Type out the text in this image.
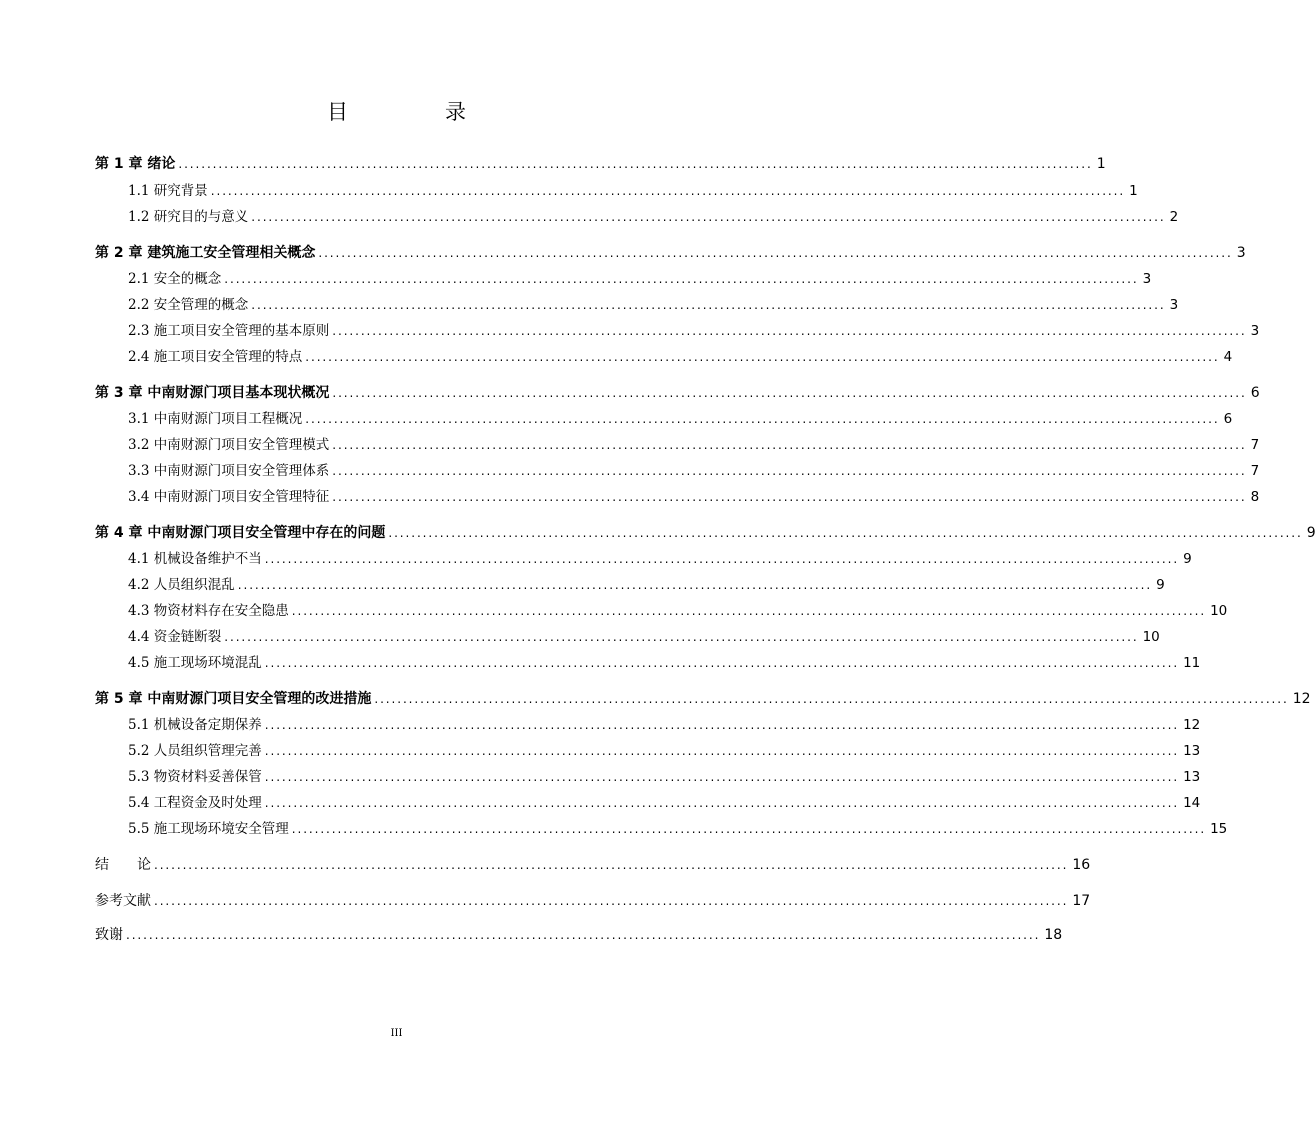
目　录
第 1 章 绪论 ................................................................................................................................................................ 1
1.1 研究背景 ................................................................................................................................................................ 1
1.2 研究目的与意义 ................................................................................................................................................................ 2
第 2 章 建筑施工安全管理相关概念 ................................................................................................................................................................ 3
2.1 安全的概念 ................................................................................................................................................................ 3
2.2 安全管理的概念 ................................................................................................................................................................ 3
2.3 施工项目安全管理的基本原则 ................................................................................................................................................................ 3
2.4 施工项目安全管理的特点 ................................................................................................................................................................ 4
第 3 章 中南财源门项目基本现状概况 ................................................................................................................................................................ 6
3.1 中南财源门项目工程概况 ................................................................................................................................................................ 6
3.2 中南财源门项目安全管理模式 ................................................................................................................................................................ 7
3.3 中南财源门项目安全管理体系 ................................................................................................................................................................ 7
3.4 中南财源门项目安全管理特征 ................................................................................................................................................................ 8
第 4 章 中南财源门项目安全管理中存在的问题 ................................................................................................................................................................ 9
4.1 机械设备维护不当 ................................................................................................................................................................ 9
4.2 人员组织混乱 ................................................................................................................................................................ 9
4.3 物资材料存在安全隐患 ................................................................................................................................................................ 10
4.4 资金链断裂 ................................................................................................................................................................ 10
4.5 施工现场环境混乱 ................................................................................................................................................................ 11
第 5 章 中南财源门项目安全管理的改进措施 ................................................................................................................................................................ 12
5.1 机械设备定期保养 ................................................................................................................................................................ 12
5.2 人员组织管理完善 ................................................................................................................................................................ 13
5.3 物资材料妥善保管 ................................................................................................................................................................ 13
5.4 工程资金及时处理 ................................................................................................................................................................ 14
5.5 施工现场环境安全管理 ................................................................................................................................................................ 15
结　　论 ................................................................................................................................................................ 16
参考文献 ................................................................................................................................................................ 17
致谢 ................................................................................................................................................................ 18
III
